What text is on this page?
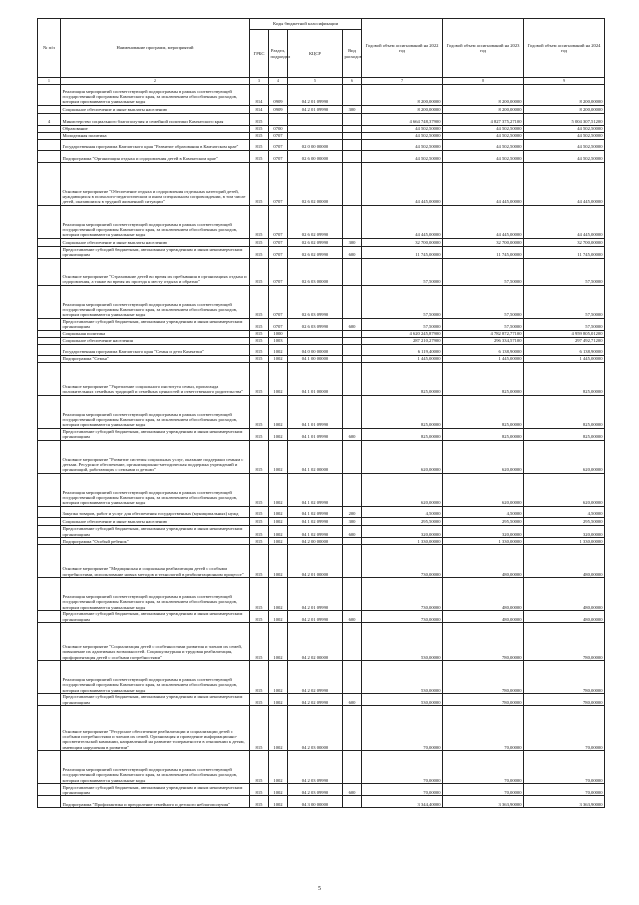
№ п/п	Наименование программ, мероприятий	Коды бюджетной классификации				Годовой объем ассигнований на 2022 год	Годовой объем ассигнований на 2023 год	Годовой объем ассигнований на 2024 год
		ГРБС	Раздел, подраздел	КЦСР	Вид расходов			
1	2	3	4	5	6	7	8	9
	Реализация мероприятий соответствующей подпрограммы в рамках соответствующей государственной программы Камчатского края, за исключением обособленных расходов, которым присваиваются уникальные коды	814	0909	04 2 01 09990		8 200,00000	8 200,00000	8 200,00000
	Социальное обеспечение и иные выплаты населению	814	0909	04 2 01 09990	300	8 200,00000	8 200,00000	8 200,00000
4	Министерство социального благополучия и семейной политики Камчатского края	815				4 664 748,37900	4 827 375,27100	5 004 307,51200
	Образование	815	0700			44 502,50000	44 502,50000	44 502,50000
	Молодежная политика	815	0707			44 502,50000	44 502,50000	44 502,50000
	Государственная программа Камчатского края "Развитие образования в Камчатском крае"	815	0707	02 0 00 00000		44 502,50000	44 502,50000	44 502,50000
	Подпрограмма "Организация отдыха и оздоровления детей в Камчатском крае"	815	0707	02 6 00 00000		44 502,50000	44 502,50000	44 502,50000
	Основное мероприятие "Обеспечение отдыха и оздоровления отдельных категорий детей, нуждающихся в психолого-педагогическом и ином специальном сопровождении, в том числе детей, оказавшихся в трудной жизненной ситуации"	815	0707	02 6 02 00000		44 445,00000	44 445,00000	44 445,00000
	Реализация мероприятий соответствующей подпрограммы в рамках соответствующей государственной программы Камчатского края, за исключением обособленных расходов, которым присваиваются уникальные коды	815	0707	02 6 02 09990		44 445,00000	44 445,00000	44 445,00000
	Социальное обеспечение и иные выплаты населению	815	0707	02 6 02 09990	300	32 700,00000	32 700,00000	32 700,00000
	Предоставление субсидий бюджетным, автономным учреждениям и иным некоммерческим организациям	815	0707	02 6 02 09990	600	11 745,00000	11 745,00000	11 745,00000
	Основное мероприятие "Страхование детей во время их пребывания в организациях отдыха и оздоровления, а также во время их проезда к месту отдыха и обратно"	815	0707	02 6 03 00000		57,50000	57,50000	57,50000
	Реализация мероприятий соответствующей подпрограммы в рамках соответствующей государственной программы Камчатского края, за исключением обособленных расходов, которым присваиваются уникальные коды	815	0707	02 6 03 09990		57,50000	57,50000	57,50000
	Предоставление субсидий бюджетным, автономным учреждениям и иным некоммерческим организациям	815	0707	02 6 03 09990	600	57,50000	57,50000	57,50000
	Социальная политика	815	1000			4 620 245,87900	4 782 872,77100	4 959 805,01200
	Социальное обеспечение населения	815	1003			287 210,27900	296 334,57100	297 492,71200
	Государственная программа Камчатского края "Семья и дети Камчатки"	815	1002	04 0 00 00000		6 119,40000	6 138,90000	6 138,90000
	Подпрограмма "Семья"	815	1002	04 1 00 00000		1 445,00000	1 445,00000	1 445,00000
	Основное мероприятие "Укрепление социального института семьи, пропаганда положительных семейных традиций и семейных ценностей и ответственного родительства"	815	1002	04 1 01 00000		825,00000	825,00000	825,00000
	Реализация мероприятий соответствующей подпрограммы в рамках соответствующей государственной программы Камчатского края, за исключением обособленных расходов, которым присваиваются уникальные коды	815	1002	04 1 01 09990		825,00000	825,00000	825,00000
	Предоставление субсидий бюджетным, автономным учреждениям и иным некоммерческим организациям	815	1002	04 1 01 09990	600	825,00000	825,00000	825,00000
	Основное мероприятие "Развитие системы социальных услуг, оказание поддержки семьям с детьми. Ресурсное обеспечение, организационно-методическая поддержка учреждений и организаций, работающих с семьями и детьми"	815	1002	04 1 02 00000		620,00000	620,00000	620,00000
	Реализация мероприятий соответствующей подпрограммы в рамках соответствующей государственной программы Камчатского края, за исключением обособленных расходов, которым присваиваются уникальные коды	815	1002	04 1 02 09990		620,00000	620,00000	620,00000
	Закупка товаров, работ и услуг для обеспечения государственных (муниципальных) нужд	815	1002	04 1 02 09990	200	4,50000	4,50000	4,50000
	Социальное обеспечение и иные выплаты населению	815	1002	04 1 02 09990	300	295,50000	295,50000	295,50000
	Предоставление субсидий бюджетным, автономным учреждениям и иным некоммерческим организациям	815	1002	04 1 02 09990	600	320,00000	320,00000	320,00000
	Подпрограмма "Особый ребенок"	815	1002	04 2 00 00000		1 330,00000	1 330,00000	1 330,00000
	Основное мероприятие "Медицинская и социальная реабилитация детей с особыми потребностями, использование новых методов и технологий в реабилитационном процессе"	815	1002	04 2 01 00000		730,00000	480,00000	480,00000
	Реализация мероприятий соответствующей подпрограммы в рамках соответствующей государственной программы Камчатского края, за исключением обособленных расходов, которым присваиваются уникальные коды	815	1002	04 2 01 09990		730,00000	480,00000	480,00000
	Предоставление субсидий бюджетным, автономным учреждениям и иным некоммерческим организациям	815	1002	04 2 01 09990	600	730,00000	480,00000	480,00000
	Основное мероприятие "Социализация детей с особенностями развития и членов их семей, повышение их адаптивных возможностей. Социокультурная и трудовая реабилитация, профориентация детей с особыми потребностями"	815	1002	04 2 02 00000		530,00000	780,00000	780,00000
	Реализация мероприятий соответствующей подпрограммы в рамках соответствующей государственной программы Камчатского края, за исключением обособленных расходов, которым присваиваются уникальные коды	815	1002	04 2 02 09990		530,00000	780,00000	780,00000
	Предоставление субсидий бюджетным, автономным учреждениям и иным некоммерческим организациям	815	1002	04 2 02 09990	600	530,00000	780,00000	780,00000
	Основное мероприятие "Ресурсное обеспечение реабилитации и социализации детей с особыми потребностями и членов их семей. Организация и проведение информационно-просветительской кампании, направленной на развитие толерантности в отношении к детям, имеющим нарушения в развитии"	815	1002	04 2 03 00000		70,00000	70,00000	70,00000
	Реализация мероприятий соответствующей подпрограммы в рамках соответствующей государственной программы Камчатского края, за исключением обособленных расходов, которым присваиваются уникальные коды	815	1002	04 2 03 09990		70,00000	70,00000	70,00000
	Предоставление субсидий бюджетным, автономным учреждениям и иным некоммерческим организациям	815	1002	04 2 03 09990	600	70,00000	70,00000	70,00000
	Подпрограмма "Профилактика и преодоление семейного и детского неблагополучия"	815	1002	04 3 00 00000		3 344,40000	3 363,90000	3 363,90000
5
